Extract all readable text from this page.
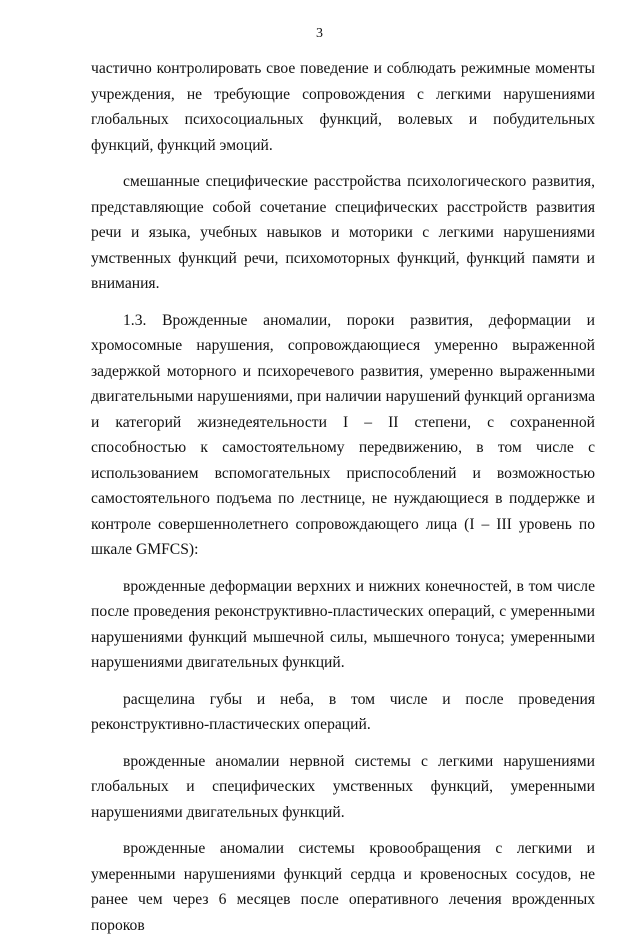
3

частично контролировать свое поведение и соблюдать режимные моменты учреждения, не требующие сопровождения с легкими нарушениями глобальных психосоциальных функций, волевых и побудительных функций, функций эмоций.

смешанные специфические расстройства психологического развития, представляющие собой сочетание специфических расстройств развития речи и языка, учебных навыков и моторики с легкими нарушениями умственных функций речи, психомоторных функций, функций памяти и внимания.

1.3. Врожденные аномалии, пороки развития, деформации и хромосомные нарушения, сопровождающиеся умеренно выраженной задержкой моторного и психоречевого развития, умеренно выраженными двигательными нарушениями, при наличии нарушений функций организма и категорий жизнедеятельности I – II степени, с сохраненной способностью к самостоятельному передвижению, в том числе с использованием вспомогательных приспособлений и возможностью самостоятельного подъема по лестнице, не нуждающиеся в поддержке и контроле совершеннолетнего сопровождающего лица (I – III уровень по шкале GMFCS):

врожденные деформации верхних и нижних конечностей, в том числе после проведения реконструктивно-пластических операций, с умеренными нарушениями функций мышечной силы, мышечного тонуса; умеренными нарушениями двигательных функций.

расщелина губы и неба, в том числе и после проведения реконструктивно-пластических операций.

врожденные аномалии нервной системы с легкими нарушениями глобальных и специфических умственных функций, умеренными нарушениями двигательных функций.

врожденные аномалии системы кровообращения с легкими и умеренными нарушениями функций сердца и кровеносных сосудов, не ранее чем через 6 месяцев после оперативного лечения врожденных пороков
